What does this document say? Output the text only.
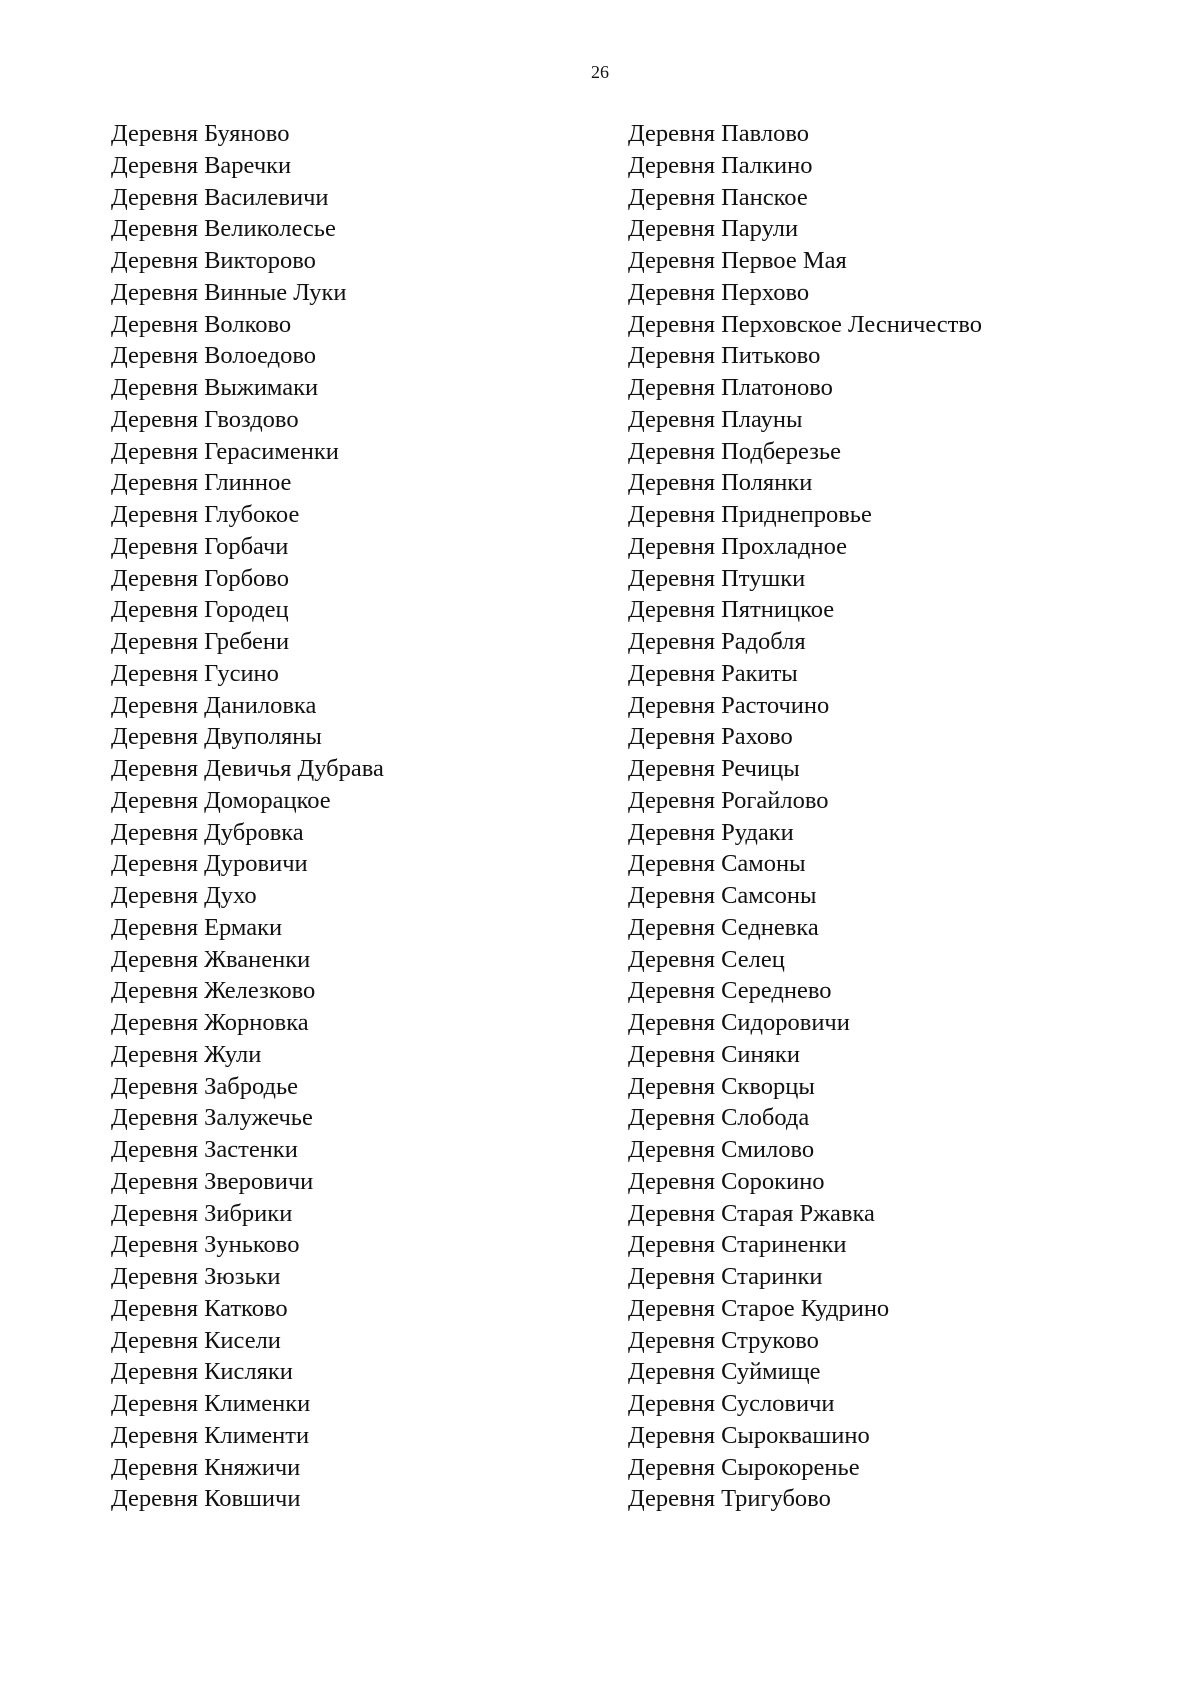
26
Деревня Буяново
Деревня Варечки
Деревня Василевичи
Деревня Великолесье
Деревня Викторово
Деревня Винные Луки
Деревня Волково
Деревня Волоедово
Деревня Выжимаки
Деревня Гвоздово
Деревня Герасименки
Деревня Глинное
Деревня Глубокое
Деревня Горбачи
Деревня Горбово
Деревня Городец
Деревня Гребени
Деревня Гусино
Деревня Даниловка
Деревня Двуполяны
Деревня Девичья Дубрава
Деревня Доморацкое
Деревня Дубровка
Деревня Дуровичи
Деревня Духо
Деревня Ермаки
Деревня Жваненки
Деревня Железково
Деревня Жорновка
Деревня Жули
Деревня Забродье
Деревня Залужечье
Деревня Застенки
Деревня Зверовичи
Деревня Зибрики
Деревня Зуньково
Деревня Зюзьки
Деревня Катково
Деревня Кисели
Деревня Кисляки
Деревня Клименки
Деревня Клименти
Деревня Княжичи
Деревня Ковшичи
Деревня Павлово
Деревня Палкино
Деревня Панское
Деревня Парули
Деревня Первое Мая
Деревня Перхово
Деревня Перховское Лесничество
Деревня Питьково
Деревня Платоново
Деревня Плауны
Деревня Подберезье
Деревня Полянки
Деревня Приднепровье
Деревня Прохладное
Деревня Птушки
Деревня Пятницкое
Деревня Радобля
Деревня Ракиты
Деревня Расточино
Деревня Рахово
Деревня Речицы
Деревня Рогайлово
Деревня Рудаки
Деревня Самоны
Деревня Самсоны
Деревня Седневка
Деревня Селец
Деревня Середнево
Деревня Сидоровичи
Деревня Синяки
Деревня Скворцы
Деревня Слобода
Деревня Смилово
Деревня Сорокино
Деревня Старая Ржавка
Деревня Стариненки
Деревня Старинки
Деревня Старое Кудрино
Деревня Струково
Деревня Суймище
Деревня Сусловичи
Деревня Сыроквашино
Деревня Сырокоренье
Деревня Тригубово
